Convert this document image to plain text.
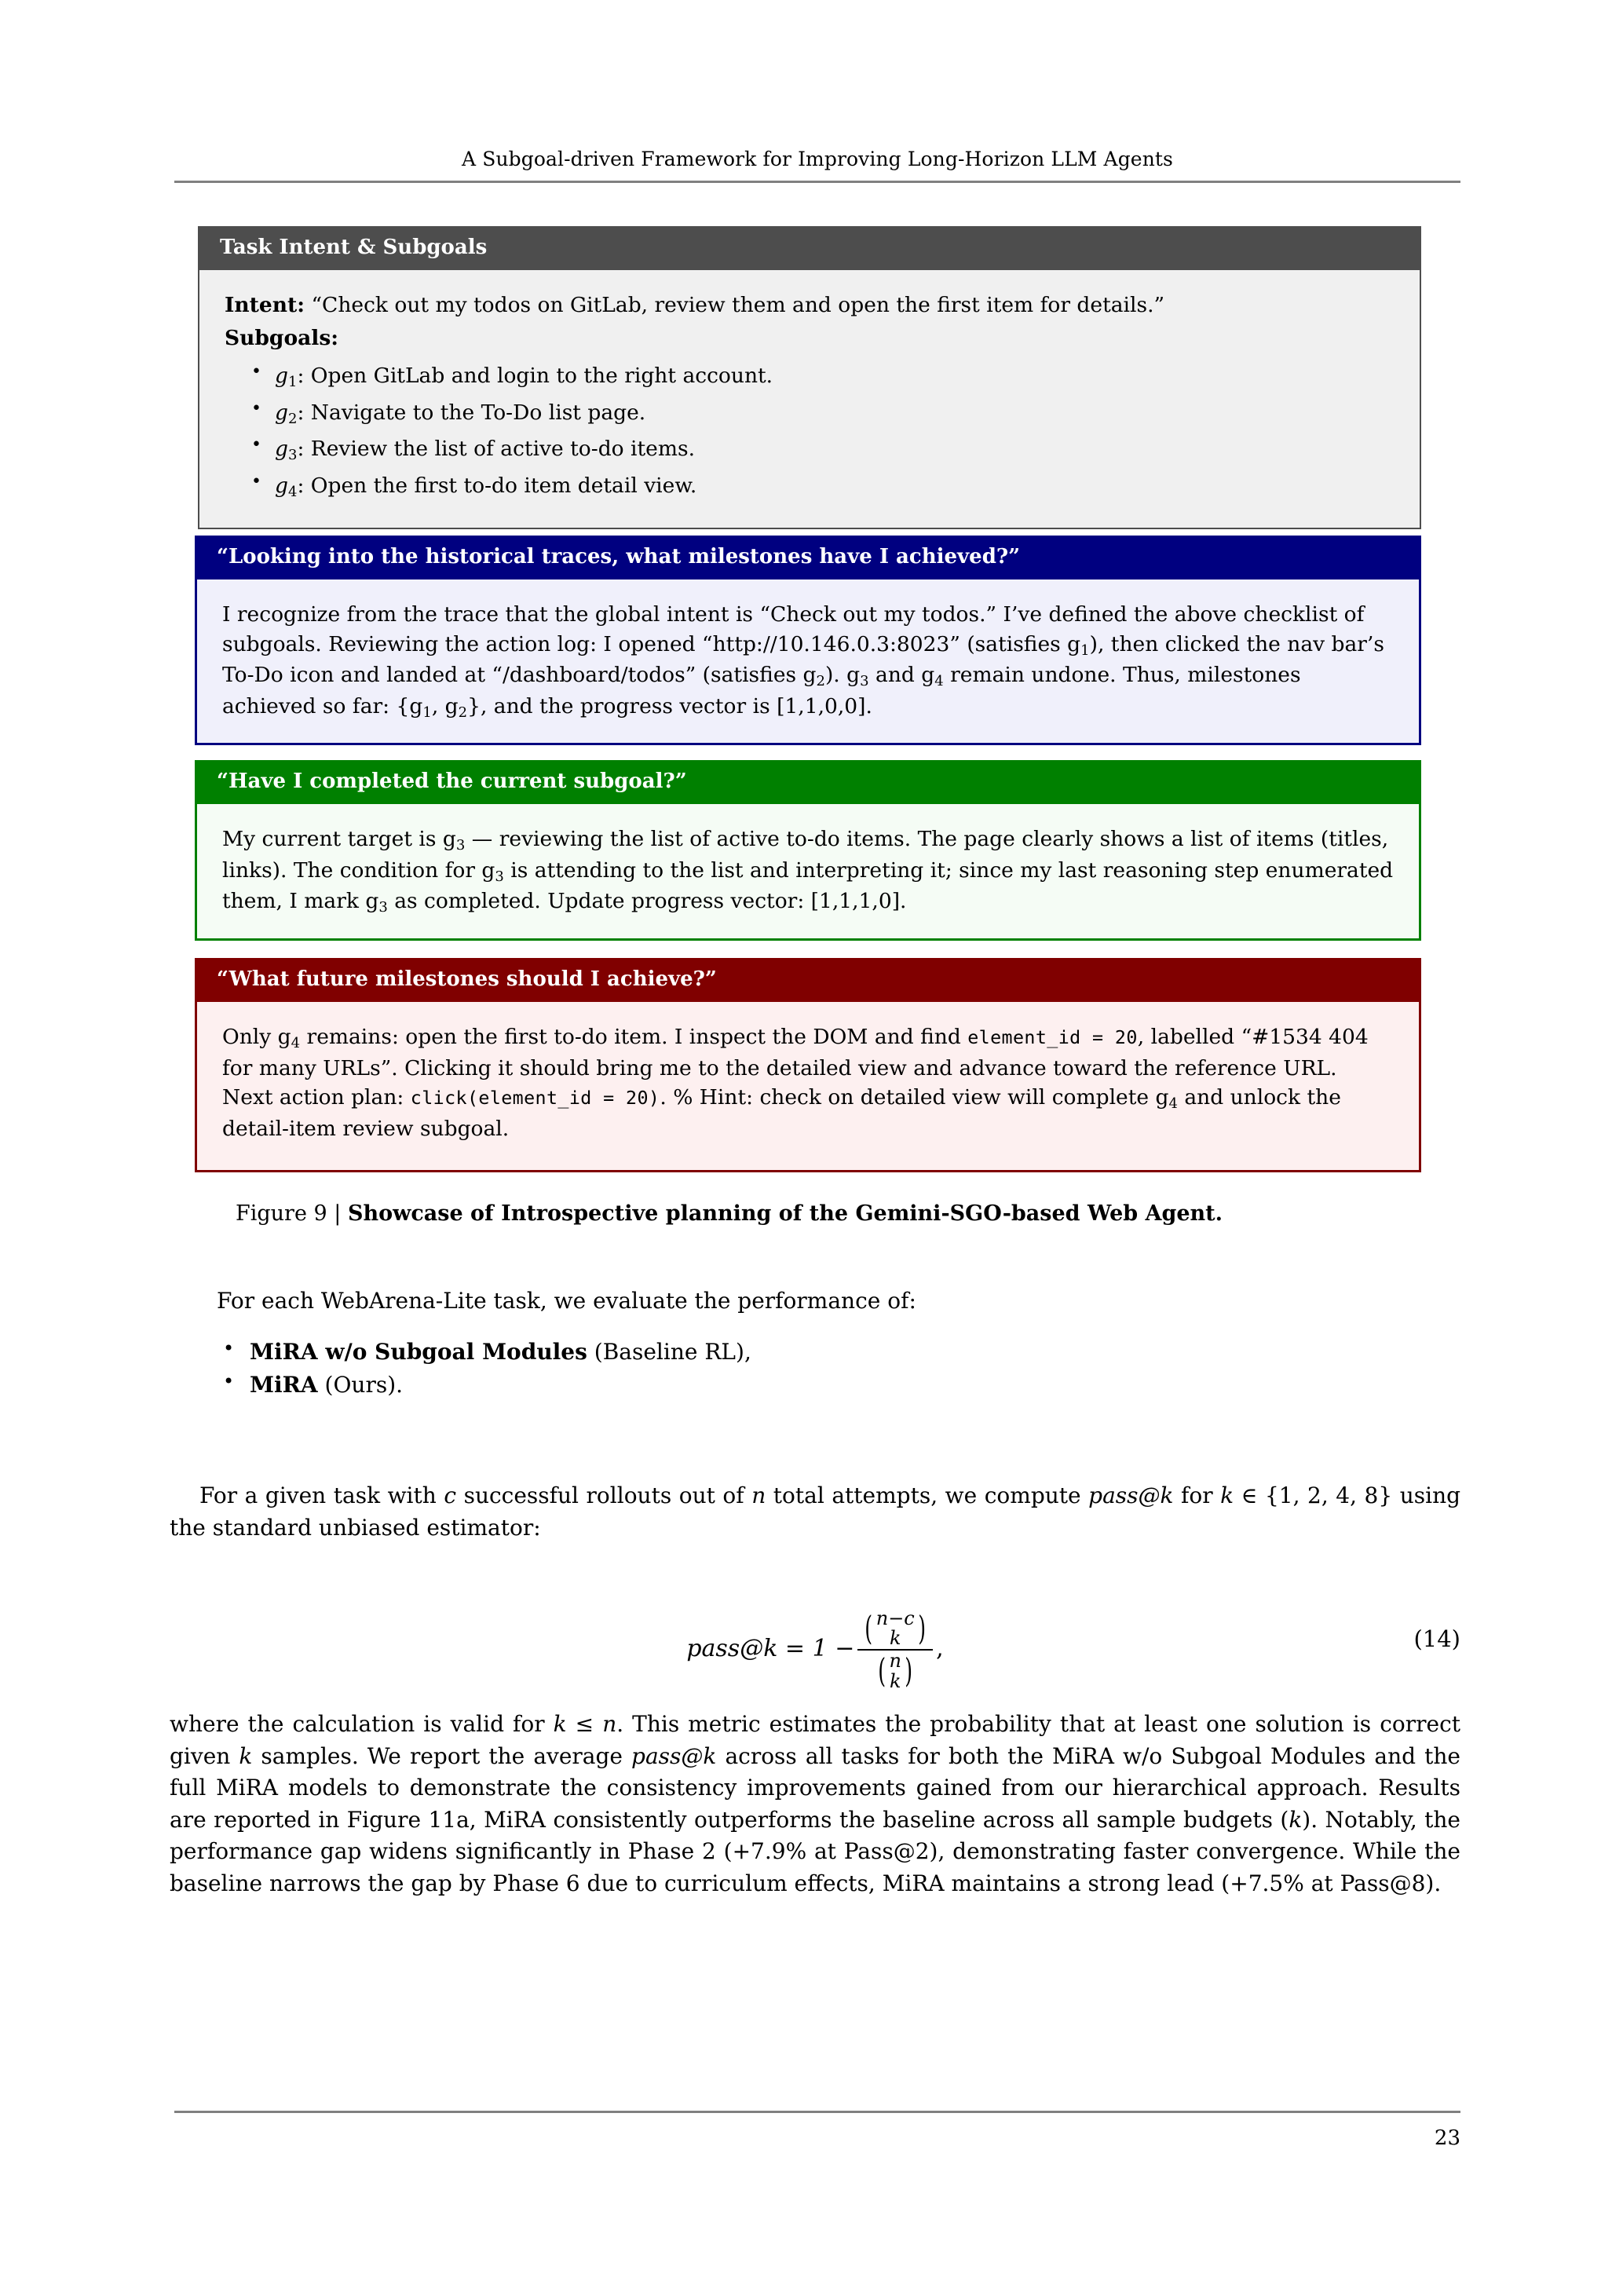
A Subgoal-driven Framework for Improving Long-Horizon LLM Agents
Task Intent & Subgoals
Intent: “Check out my todos on GitLab, review them and open the first item for details.”
Subgoals:
• $g_1$: Open GitLab and login to the right account.
• $g_2$: Navigate to the To-Do list page.
• $g_3$: Review the list of active to-do items.
• $g_4$: Open the first to-do item detail view.
“Looking into the historical traces, what milestones have I achieved?”
I recognize from the trace that the global intent is “Check out my todos.” I’ve defined the above checklist of subgoals. Reviewing the action log: I opened “http://10.146.0.3:8023” (satisfies $g_1$), then clicked the nav bar’s To-Do icon and landed at “/dashboard/todos” (satisfies $g_2$). $g_3$ and $g_4$ remain undone. Thus, milestones achieved so far: {$g_1$, $g_2$}, and the progress vector is [1,1,0,0].
“Have I completed the current subgoal?”
My current target is $g_3$ — reviewing the list of active to-do items. The page clearly shows a list of items (titles, links). The condition for $g_3$ is attending to the list and interpreting it; since my last reasoning step enumerated them, I mark $g_3$ as completed. Update progress vector: [1,1,1,0].
“What future milestones should I achieve?”
Only $g_4$ remains: open the first to-do item. I inspect the DOM and find element_id = 20, labelled “#1534 404 for many URLs”. Clicking it should bring me to the detailed view and advance toward the reference URL. Next action plan: click(element_id = 20). % Hint: check on detailed view will complete $g_4$ and unlock the detail-item review subgoal.
Figure 9 | Showcase of Introspective planning of the Gemini-SGO-based Web Agent.
For each WebArena-Lite task, we evaluate the performance of:
• MiRA w/o Subgoal Modules (Baseline RL),
• MiRA (Ours).
For a given task with c successful rollouts out of n total attempts, we compute pass@k for k ∈ {1, 2, 4, 8} using the standard unbiased estimator:
pass@k = 1 −
( n−c
k )
( n
k )
,	(14)
where the calculation is valid for k ≤ n. This metric estimates the probability that at least one solution is correct given k samples. We report the average pass@k across all tasks for both the MiRA w/o Subgoal Modules and the full MiRA models to demonstrate the consistency improvements gained from our hierarchical approach. Results are reported in Figure 11a, MiRA consistently outperforms the baseline across all sample budgets (k). Notably, the performance gap widens significantly in Phase 2 (+7.9% at Pass@2), demonstrating faster convergence. While the baseline narrows the gap by Phase 6 due to curriculum effects, MiRA maintains a strong lead (+7.5% at Pass@8).
23
